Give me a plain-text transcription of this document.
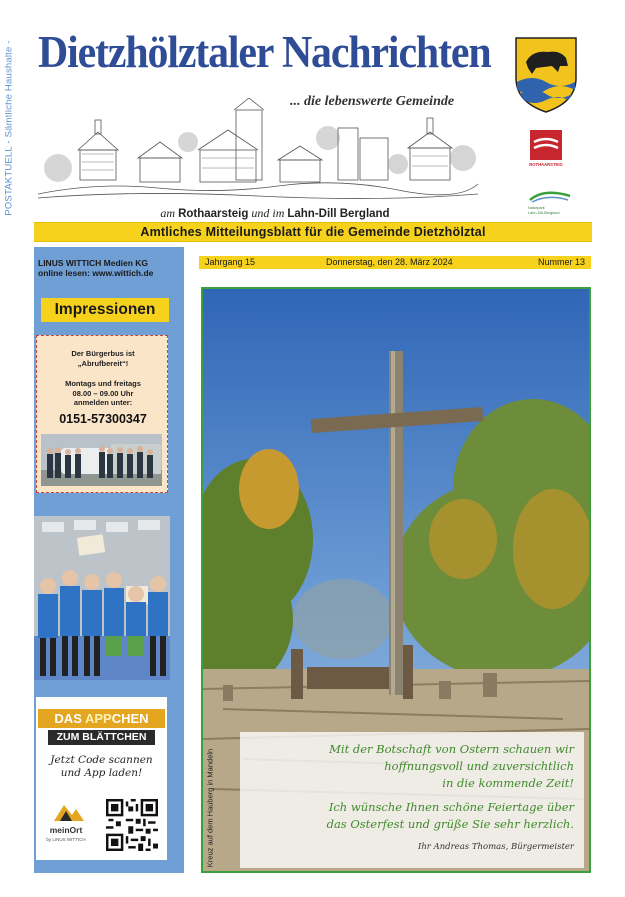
POSTAKTUELL - Sämtliche Haushalte - Dietzhölztaler Nachrichten
... die lebenswerte Gemeinde
ROTHAARSTEIG
Naturpark
Lahn-Dill-Bergland
am Rothaarsteig und im Lahn-Dill Bergland
Amtliches Mitteilungsblatt für die Gemeinde Dietzhölztal
LINUS WITTICH Medien KG
online lesen: www.wittich.de
Impressionen
Der Bürgerbus ist
„Abrufbereit“!
Montags und freitags
08.00 – 09.00 Uhr
anmelden unter:
0151-57300347
DAS APPCHEN
ZUM BLÄTTCHEN
Jetzt Code scannen
und App laden!
meinOrt
by LINUS WITTICH
Jahrgang 15	Donnerstag, den 28. März 2024	Nummer 13
Kreuz auf dem Hauberg in Mandeln	Mit der Botschaft von Ostern schauen wir
hoffnungsvoll und zuversichtlich
in die kommende Zeit!
Ich wünsche Ihnen schöne Feiertage über
das Osterfest und grüße Sie sehr herzlich.
Ihr Andreas Thomas, Bürgermeister
